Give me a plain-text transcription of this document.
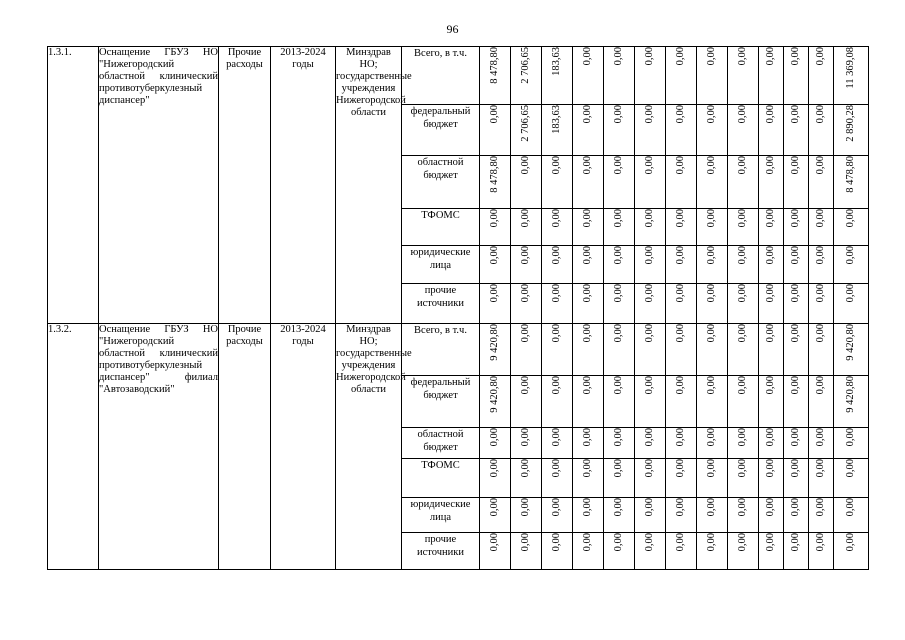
96
1.3.1.	Оснащение ГБУЗ НО "Нижегородский областной клинический противотуберкулезный диспансер"	Прочие расходы	2013-2024 годы	Минздрав НО; государственные учреждения Нижегородской области	Всего, в т.ч.	8 478,80	2 706,65	183,63	0,00	0,00	0,00	0,00	0,00	0,00	0,00	0,00	0,00	11 369,08
					федеральный бюджет	0,00	2 706,65	183,63	0,00	0,00	0,00	0,00	0,00	0,00	0,00	0,00	0,00	2 890,28
					областной бюджет	8 478,80	0,00	0,00	0,00	0,00	0,00	0,00	0,00	0,00	0,00	0,00	0,00	8 478,80
					ТФОМС	0,00	0,00	0,00	0,00	0,00	0,00	0,00	0,00	0,00	0,00	0,00	0,00	0,00
					юридические лица	0,00	0,00	0,00	0,00	0,00	0,00	0,00	0,00	0,00	0,00	0,00	0,00	0,00
					прочие источники	0,00	0,00	0,00	0,00	0,00	0,00	0,00	0,00	0,00	0,00	0,00	0,00	0,00
1.3.2.	Оснащение ГБУЗ НО "Нижегородский областной клинический противотуберкулезный диспансер" филиал "Автозаводский"	Прочие расходы	2013-2024 годы	Минздрав НО; государственные учреждения Нижегородской области	Всего, в т.ч.	9 420,80	0,00	0,00	0,00	0,00	0,00	0,00	0,00	0,00	0,00	0,00	0,00	9 420,80
					федеральный бюджет	9 420,80	0,00	0,00	0,00	0,00	0,00	0,00	0,00	0,00	0,00	0,00	0,00	9 420,80
					областной бюджет	0,00	0,00	0,00	0,00	0,00	0,00	0,00	0,00	0,00	0,00	0,00	0,00	0,00
					ТФОМС	0,00	0,00	0,00	0,00	0,00	0,00	0,00	0,00	0,00	0,00	0,00	0,00	0,00
					юридические лица	0,00	0,00	0,00	0,00	0,00	0,00	0,00	0,00	0,00	0,00	0,00	0,00	0,00
					прочие источники	0,00	0,00	0,00	0,00	0,00	0,00	0,00	0,00	0,00	0,00	0,00	0,00	0,00
